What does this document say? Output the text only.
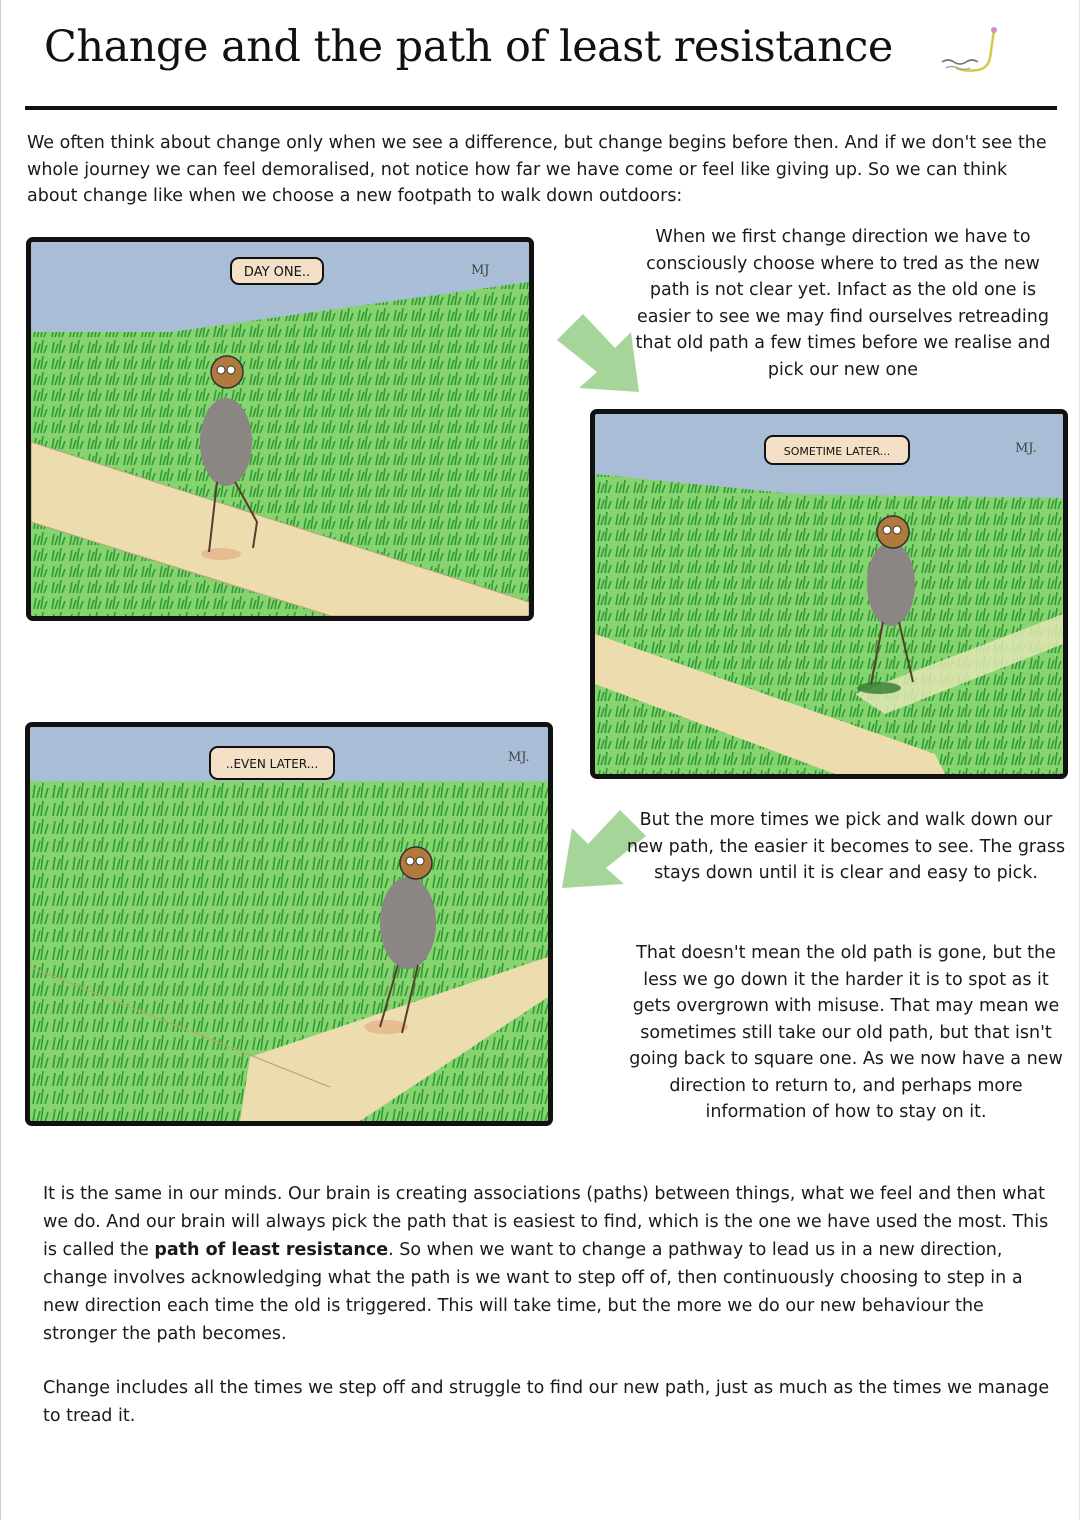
Change and the path of least resistance

We often think about change only when we see a difference, but change begins before then. And if we don't see the whole journey we can feel demoralised, not notice how far we have come or feel like giving up. So we can think about change like when we choose a new footpath to walk down outdoors:

DAY ONE..	MJ

When we first change direction we have to consciously choose where to tred as the new path is not clear yet. Infact as the old one is easier to see we may find ourselves retreading that old path a few times before we realise and pick our new one

SOMETIME LATER...	MJ.
..EVEN LATER...	MJ.

But the more times we pick and walk down our new path, the easier it becomes to see. The grass stays down until it is clear and easy to pick.

That doesn't mean the old path is gone, but the less we go down it the harder it is to spot as it gets overgrown with misuse. That may mean we sometimes still take our old path, but that isn't going back to square one. As we now have a new direction to return to, and perhaps more information of how to stay on it.

It is the same in our minds. Our brain is creating associations (paths) between things, what we feel and then what we do. And our brain will always pick the path that is easiest to find, which is the one we have used the most. This is called the path of least resistance. So when we want to change a pathway to lead us in a new direction, change involves acknowledging what the path is we want to step off of, then continuously choosing to step in a new direction each time the old is triggered. This will take time, but the more we do our new behaviour the stronger the path becomes.

Change includes all the times we step off and struggle to find our new path, just as much as the times we manage to tread it.
